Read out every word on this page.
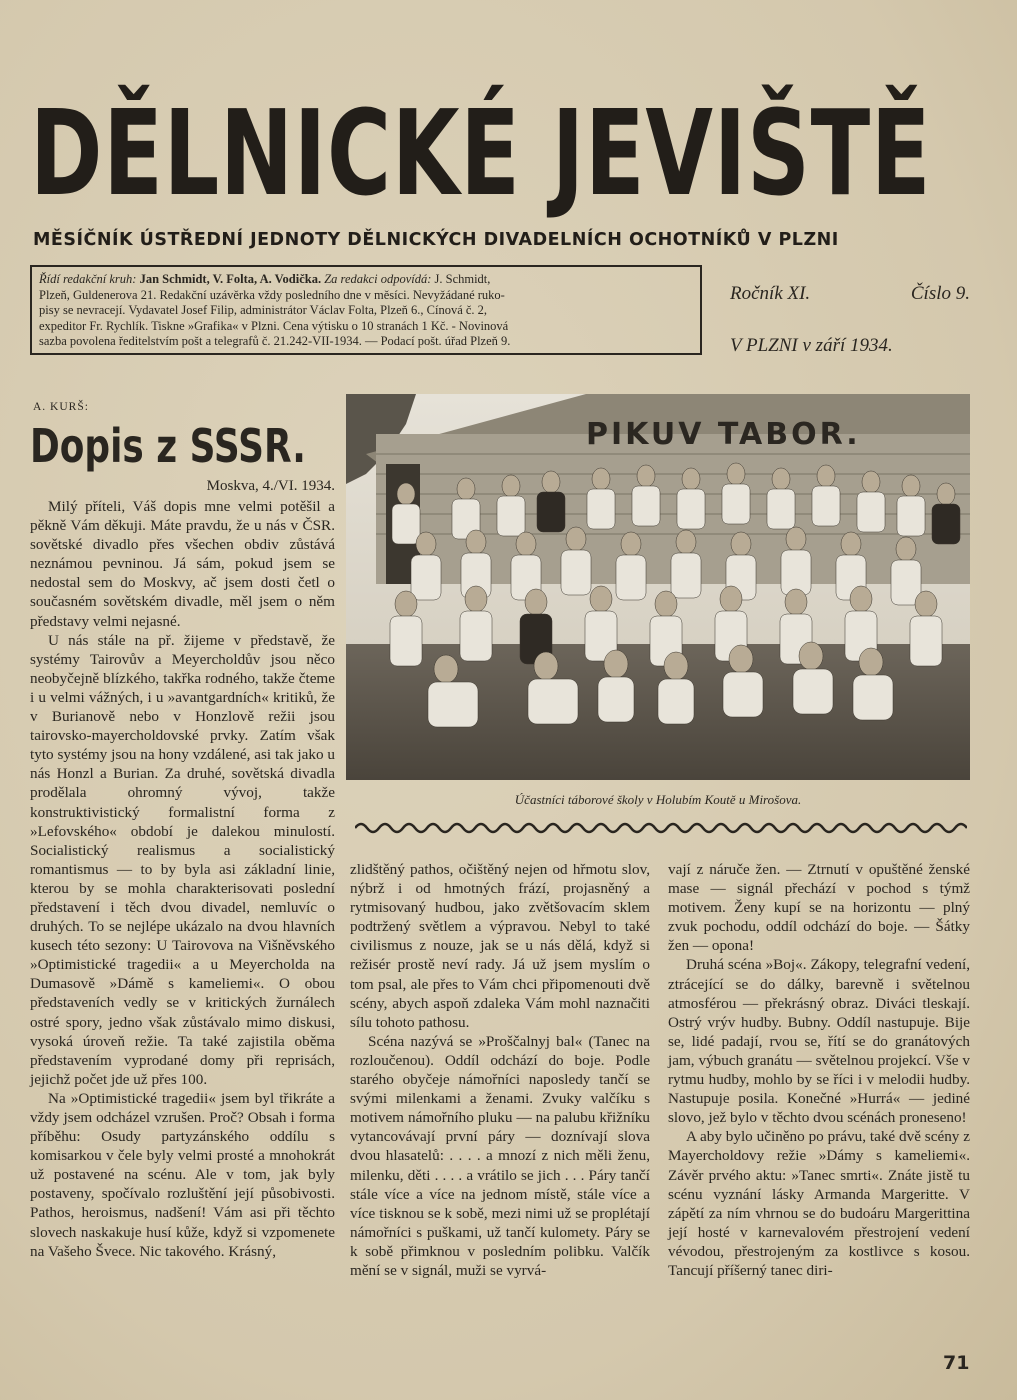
DĚLNICKÉ JEVIŠTĚ
MĚSÍČNÍK ÚSTŘEDNÍ JEDNOTY DĚLNICKÝCH DIVADELNÍCH OCHOTNÍKŮ V PLZNI
Řídí redakční kruh: Jan Schmidt, V. Folta, A. Vodička. Za redakci odpovídá: J. Schmidt,
Plzeň, Guldenerova 21. Redakční uzávěrka vždy posledního dne v měsíci. Nevyžádané ruko-
pisy se nevracejí. Vydavatel Josef Filip, administrátor Václav Folta, Plzeň 6., Cínová č. 2,
expeditor Fr. Rychlík. Tiskne »Grafika« v Plzni. Cena výtisku o 10 stranách 1 Kč. - Novinová
sazba povolena ředitelstvím pošt a telegrafů č. 21.242-VII-1934. — Podací pošt. úřad Plzeň 9.
Ročník XI.	Číslo 9.
V PLZNI v září 1934.
A. KURŠ:
Dopis z SSSR.
Moskva, 4./VI. 1934.

Milý příteli, Váš dopis mne velmi potěšil a pěkně Vám děkuji. Máte pravdu, že u nás v ČSR. sovětské divadlo přes všechen obdiv zůstává neznámou pevninou. Já sám, pokud jsem se nedostal sem do Moskvy, ač jsem dosti četl o současném sovětském divadle, měl jsem o něm představy velmi nejasné.

U nás stále na př. žijeme v představě, že systémy Tairovův a Meyercholdův jsou něco neobyčejně blízkého, takřka rodného, takže čteme i u velmi vážných, i u »avantgardních« kritiků, že v Burianově nebo v Honzlově režii jsou tairovsko-mayercholdovské prvky. Zatím však tyto systémy jsou na hony vzdálené, asi tak jako u nás Honzl a Burian. Za druhé, sovětská divadla prodělala ohromný vývoj, takže konstruktivistický formalistní forma z »Lefovského« období je dalekou minulostí. Socialistický realismus a socialistický romantismus — to by byla asi základní linie, kterou by se mohla charakterisovati poslední představení i těch dvou divadel, nemluvíc o druhých. To se nejlépe ukázalo na dvou hlavních kusech této sezony: U Tairovova na Višněvského »Optimistické tragedii« a u Meyercholda na Dumasově »Dámě s kameliemi«. O obou představeních vedly se v kritických žurnálech ostré spory, jedno však zůstávalo mimo diskusi, vysoká úroveň režie. Ta také zajistila oběma představením vyprodané domy při reprisách, jejichž počet jde už přes 100.

Na »Optimistické tragedii« jsem byl třikráte a vždy jsem odcházel vzrušen. Proč? Obsah i forma příběhu: Osudy partyzánského oddílu s komisarkou v čele byly velmi prosté a mnohokrát už postavené na scénu. Ale v tom, jak byly postaveny, spočívalo rozluštění její působivosti. Pathos, heroismus, nadšení! Vám asi při těchto slovech naskakuje husí kůže, když si vzpomenete na Vašeho Švece. Nic takového. Krásný,

PIKUV TABOR.
Účastníci táborové školy v Holubím Koutě u Mirošova.

zlidštěný pathos, očištěný nejen od hřmotu slov, nýbrž i od hmotných frází, projasněný a rytmisovaný hudbou, jako zvětšovacím sklem podtržený světlem a výpravou. Nebyl to také civilismus z nouze, jak se u nás dělá, když si režisér prostě neví rady. Já už jsem myslím o tom psal, ale přes to Vám chci připomenouti dvě scény, abych aspoň zdaleka Vám mohl naznačiti sílu tohoto pathosu.

Scéna nazývá se »Proščalnyj bal« (Tanec na rozloučenou). Oddíl odchází do boje. Podle starého obyčeje námořníci naposledy tančí se svými milenkami a ženami. Zvuky valčíku s motivem námořního pluku — na palubu křižníku vytancovávají první páry — doznívají slova dvou hlasatelů: . . . . a mnozí z nich měli ženu, milenku, děti . . . . a vrátilo se jich . . . Páry tančí stále více a více na jednom místě, stále více a více tisknou se k sobě, mezi nimi už se proplétají námořníci s puškami, už tančí kulomety. Páry se k sobě přimknou v posledním polibku. Valčík mění se v signál, muži se vyrvá-

vají z náruče žen. — Ztrnutí v opuštěné ženské mase — signál přechází v pochod s týmž motivem. Ženy kupí se na horizontu — plný zvuk pochodu, oddíl odchází do boje. — Šátky žen — opona!

Druhá scéna »Boj«. Zákopy, telegrafní vedení, ztrácející se do dálky, barevně i světelnou atmosférou — překrásný obraz. Diváci tleskají. Ostrý vrýv hudby. Bubny. Oddíl nastupuje. Bije se, lidé padají, rvou se, řítí se do granátových jam, výbuch granátu — světelnou projekcí. Vše v rytmu hudby, mohlo by se říci i v melodii hudby. Nastupuje posila. Konečné »Hurrá« — jediné slovo, jež bylo v těchto dvou scénách proneseno!

A aby bylo učiněno po právu, také dvě scény z Mayercholdovy režie »Dámy s kameliemi«. Závěr prvého aktu: »Tanec smrti«. Znáte jistě tu scénu vyznání lásky Armanda Margeritte. V zápětí za ním vhrnou se do budoáru Margerittina její hosté v karnevalovém přestrojení vedení vévodou, přestrojeným za kostlivce s kosou. Tancují příšerný tanec diri-

71
